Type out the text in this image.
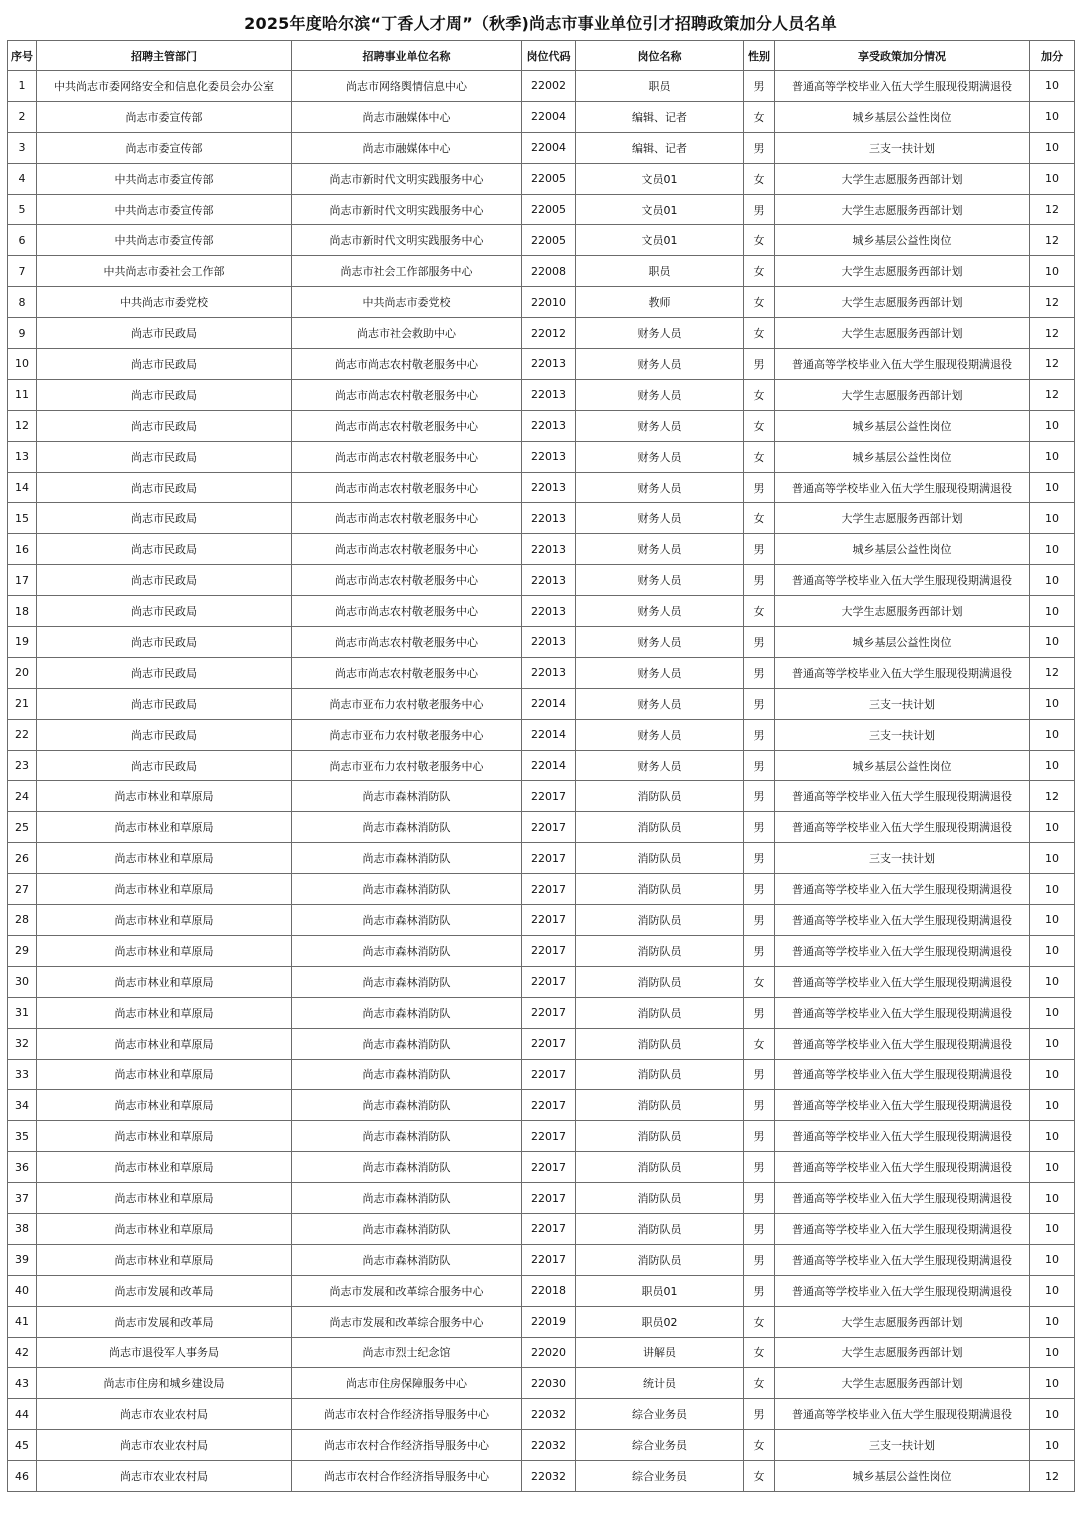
2025年度哈尔滨“丁香人才周”（秋季)尚志市事业单位引才招聘政策加分人员名单
序号	招聘主管部门	招聘事业单位名称	岗位代码	岗位名称	性别	享受政策加分情况	加分
1	中共尚志市委网络安全和信息化委员会办公室	尚志市网络舆情信息中心	22002	职员	男	普通高等学校毕业入伍大学生服现役期满退役	10
2	尚志市委宣传部	尚志市融媒体中心	22004	编辑、记者	女	城乡基层公益性岗位	10
3	尚志市委宣传部	尚志市融媒体中心	22004	编辑、记者	男	三支一扶计划	10
4	中共尚志市委宣传部	尚志市新时代文明实践服务中心	22005	文员01	女	大学生志愿服务西部计划	10
5	中共尚志市委宣传部	尚志市新时代文明实践服务中心	22005	文员01	男	大学生志愿服务西部计划	12
6	中共尚志市委宣传部	尚志市新时代文明实践服务中心	22005	文员01	女	城乡基层公益性岗位	12
7	中共尚志市委社会工作部	尚志市社会工作部服务中心	22008	职员	女	大学生志愿服务西部计划	10
8	中共尚志市委党校	中共尚志市委党校	22010	教师	女	大学生志愿服务西部计划	12
9	尚志市民政局	尚志市社会救助中心	22012	财务人员	女	大学生志愿服务西部计划	12
10	尚志市民政局	尚志市尚志农村敬老服务中心	22013	财务人员	男	普通高等学校毕业入伍大学生服现役期满退役	12
11	尚志市民政局	尚志市尚志农村敬老服务中心	22013	财务人员	女	大学生志愿服务西部计划	12
12	尚志市民政局	尚志市尚志农村敬老服务中心	22013	财务人员	女	城乡基层公益性岗位	10
13	尚志市民政局	尚志市尚志农村敬老服务中心	22013	财务人员	女	城乡基层公益性岗位	10
14	尚志市民政局	尚志市尚志农村敬老服务中心	22013	财务人员	男	普通高等学校毕业入伍大学生服现役期满退役	10
15	尚志市民政局	尚志市尚志农村敬老服务中心	22013	财务人员	女	大学生志愿服务西部计划	10
16	尚志市民政局	尚志市尚志农村敬老服务中心	22013	财务人员	男	城乡基层公益性岗位	10
17	尚志市民政局	尚志市尚志农村敬老服务中心	22013	财务人员	男	普通高等学校毕业入伍大学生服现役期满退役	10
18	尚志市民政局	尚志市尚志农村敬老服务中心	22013	财务人员	女	大学生志愿服务西部计划	10
19	尚志市民政局	尚志市尚志农村敬老服务中心	22013	财务人员	男	城乡基层公益性岗位	10
20	尚志市民政局	尚志市尚志农村敬老服务中心	22013	财务人员	男	普通高等学校毕业入伍大学生服现役期满退役	12
21	尚志市民政局	尚志市亚布力农村敬老服务中心	22014	财务人员	男	三支一扶计划	10
22	尚志市民政局	尚志市亚布力农村敬老服务中心	22014	财务人员	男	三支一扶计划	10
23	尚志市民政局	尚志市亚布力农村敬老服务中心	22014	财务人员	男	城乡基层公益性岗位	10
24	尚志市林业和草原局	尚志市森林消防队	22017	消防队员	男	普通高等学校毕业入伍大学生服现役期满退役	12
25	尚志市林业和草原局	尚志市森林消防队	22017	消防队员	男	普通高等学校毕业入伍大学生服现役期满退役	10
26	尚志市林业和草原局	尚志市森林消防队	22017	消防队员	男	三支一扶计划	10
27	尚志市林业和草原局	尚志市森林消防队	22017	消防队员	男	普通高等学校毕业入伍大学生服现役期满退役	10
28	尚志市林业和草原局	尚志市森林消防队	22017	消防队员	男	普通高等学校毕业入伍大学生服现役期满退役	10
29	尚志市林业和草原局	尚志市森林消防队	22017	消防队员	男	普通高等学校毕业入伍大学生服现役期满退役	10
30	尚志市林业和草原局	尚志市森林消防队	22017	消防队员	女	普通高等学校毕业入伍大学生服现役期满退役	10
31	尚志市林业和草原局	尚志市森林消防队	22017	消防队员	男	普通高等学校毕业入伍大学生服现役期满退役	10
32	尚志市林业和草原局	尚志市森林消防队	22017	消防队员	女	普通高等学校毕业入伍大学生服现役期满退役	10
33	尚志市林业和草原局	尚志市森林消防队	22017	消防队员	男	普通高等学校毕业入伍大学生服现役期满退役	10
34	尚志市林业和草原局	尚志市森林消防队	22017	消防队员	男	普通高等学校毕业入伍大学生服现役期满退役	10
35	尚志市林业和草原局	尚志市森林消防队	22017	消防队员	男	普通高等学校毕业入伍大学生服现役期满退役	10
36	尚志市林业和草原局	尚志市森林消防队	22017	消防队员	男	普通高等学校毕业入伍大学生服现役期满退役	10
37	尚志市林业和草原局	尚志市森林消防队	22017	消防队员	男	普通高等学校毕业入伍大学生服现役期满退役	10
38	尚志市林业和草原局	尚志市森林消防队	22017	消防队员	男	普通高等学校毕业入伍大学生服现役期满退役	10
39	尚志市林业和草原局	尚志市森林消防队	22017	消防队员	男	普通高等学校毕业入伍大学生服现役期满退役	10
40	尚志市发展和改革局	尚志市发展和改革综合服务中心	22018	职员01	男	普通高等学校毕业入伍大学生服现役期满退役	10
41	尚志市发展和改革局	尚志市发展和改革综合服务中心	22019	职员02	女	大学生志愿服务西部计划	10
42	尚志市退役军人事务局	尚志市烈士纪念馆	22020	讲解员	女	大学生志愿服务西部计划	10
43	尚志市住房和城乡建设局	尚志市住房保障服务中心	22030	统计员	女	大学生志愿服务西部计划	10
44	尚志市农业农村局	尚志市农村合作经济指导服务中心	22032	综合业务员	男	普通高等学校毕业入伍大学生服现役期满退役	10
45	尚志市农业农村局	尚志市农村合作经济指导服务中心	22032	综合业务员	女	三支一扶计划	10
46	尚志市农业农村局	尚志市农村合作经济指导服务中心	22032	综合业务员	女	城乡基层公益性岗位	12
